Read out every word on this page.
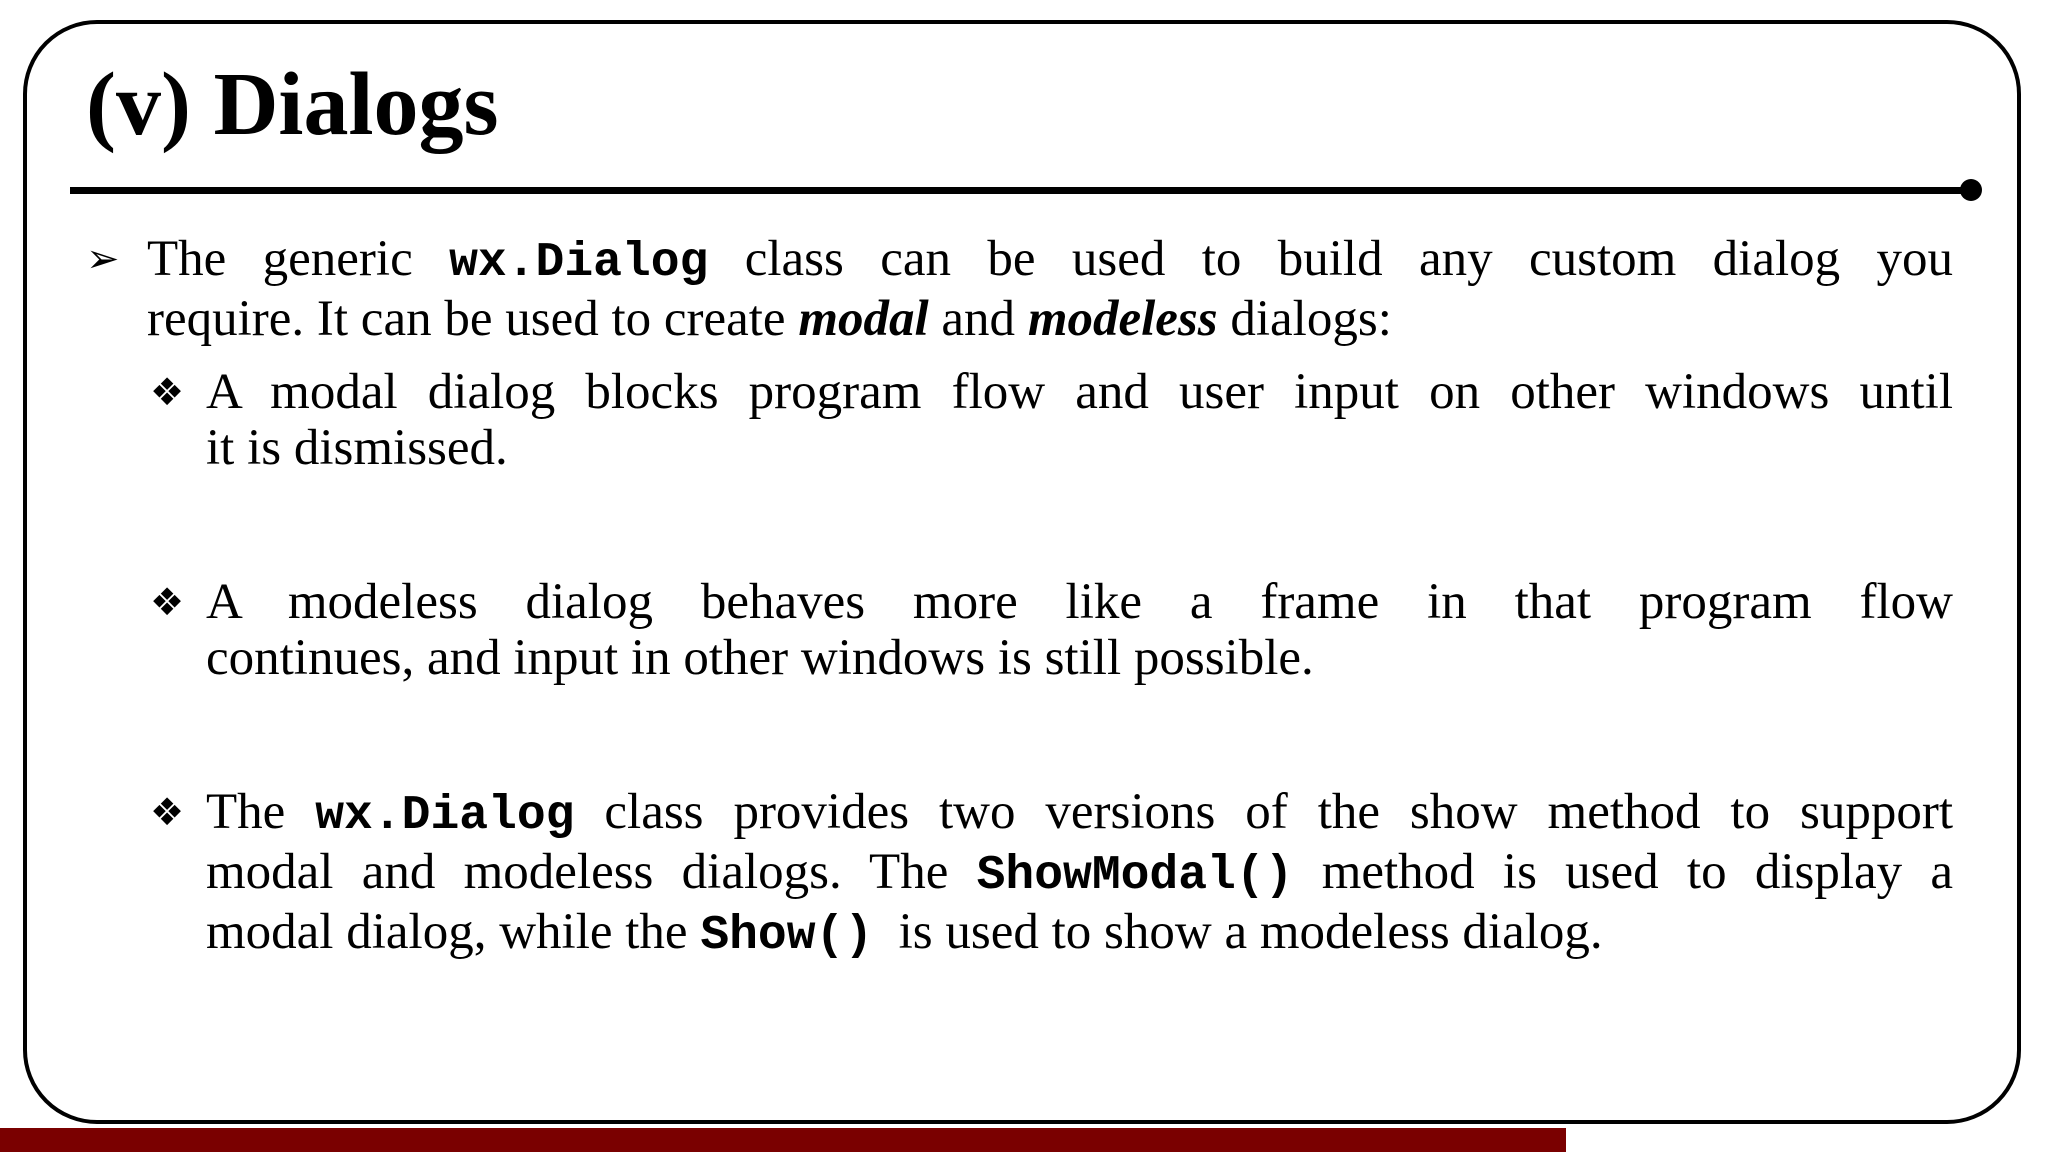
(v) Dialogs
➢ The generic wx.Dialog class can be used to build any custom dialog you
require. It can be used to create modal and modeless dialogs:
❖ A modal dialog blocks program flow and user input on other windows until
it is dismissed.
❖ A modeless dialog behaves more like a frame in that program flow
continues, and input in other windows is still possible.
❖ The wx.Dialog class provides two versions of the show method to support
modal and modeless dialogs. The ShowModal() method is used to display a
modal dialog, while the Show() is used to show a modeless dialog.
